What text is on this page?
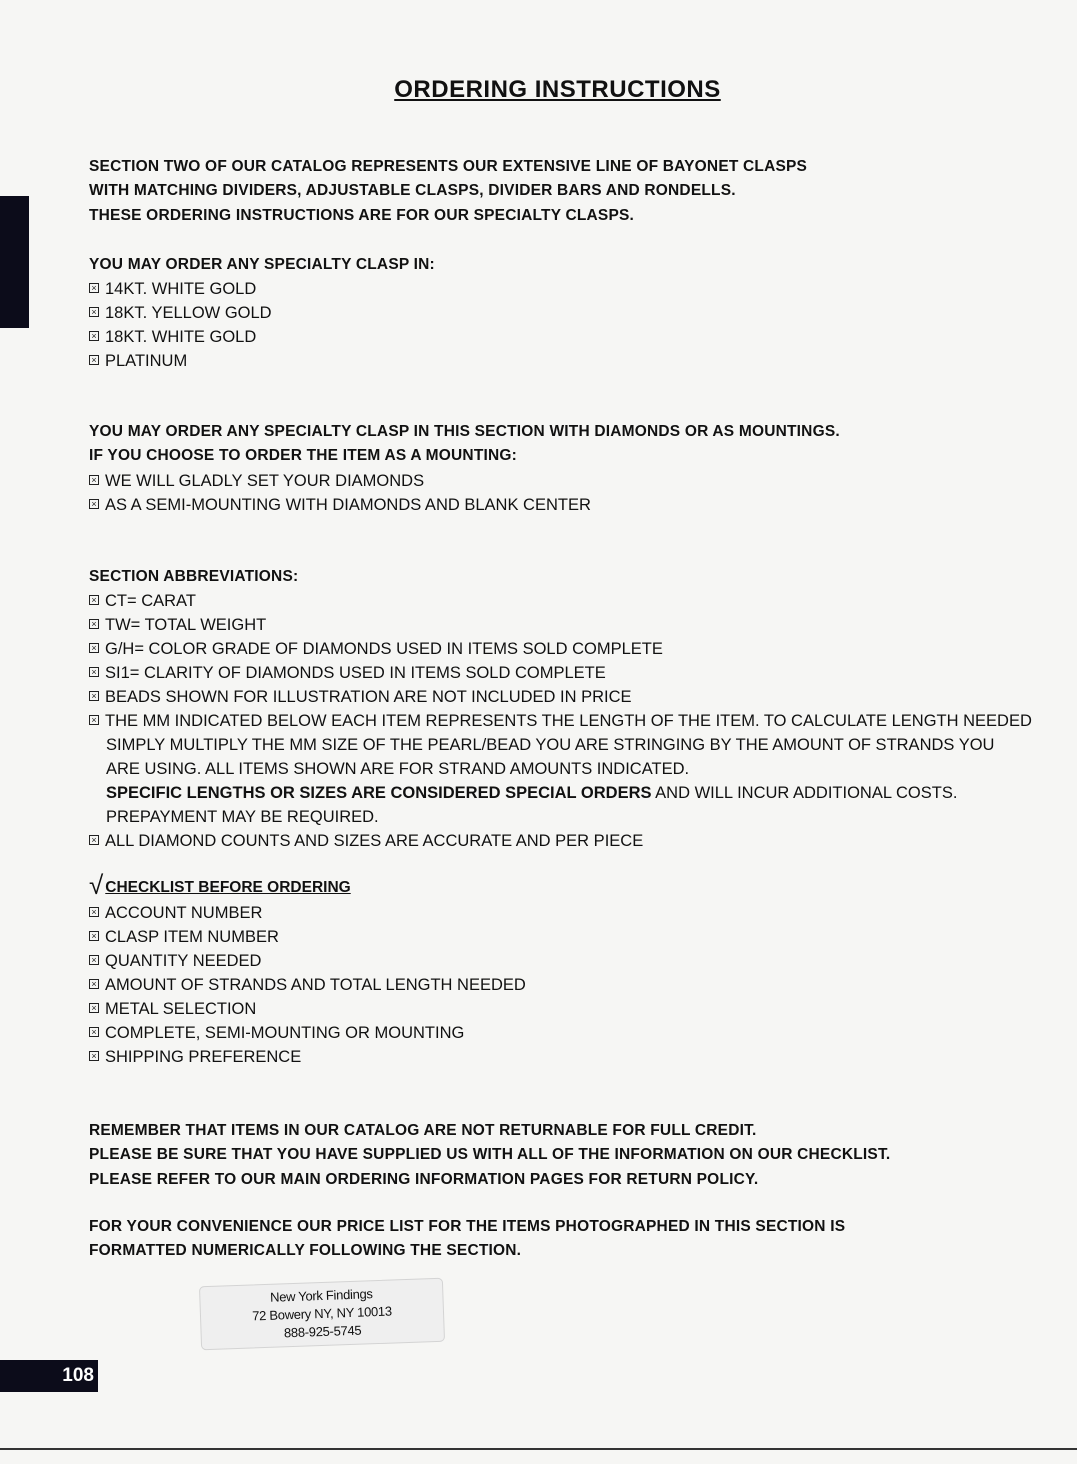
ORDERING INSTRUCTIONS
SECTION TWO OF OUR CATALOG REPRESENTS OUR EXTENSIVE LINE OF BAYONET CLASPS
WITH MATCHING DIVIDERS, ADJUSTABLE CLASPS, DIVIDER BARS AND RONDELLS.
THESE ORDERING INSTRUCTIONS ARE FOR OUR SPECIALTY CLASPS.
YOU MAY ORDER ANY SPECIALTY CLASP IN:
× 14KT. WHITE GOLD
× 18KT. YELLOW GOLD
× 18KT. WHITE GOLD
× PLATINUM
YOU MAY ORDER ANY SPECIALTY CLASP IN THIS SECTION WITH DIAMONDS OR AS MOUNTINGS.
IF YOU CHOOSE TO ORDER THE ITEM AS A MOUNTING:
× WE WILL GLADLY SET YOUR DIAMONDS
× AS A SEMI-MOUNTING WITH DIAMONDS AND BLANK CENTER
SECTION ABBREVIATIONS:
× CT= CARAT
× TW= TOTAL WEIGHT
× G/H= COLOR GRADE OF DIAMONDS USED IN ITEMS SOLD COMPLETE
× SI1= CLARITY OF DIAMONDS USED IN ITEMS SOLD COMPLETE
× BEADS SHOWN FOR ILLUSTRATION ARE NOT INCLUDED IN PRICE
× THE MM INDICATED BELOW EACH ITEM REPRESENTS THE LENGTH OF THE ITEM. TO CALCULATE LENGTH NEEDED
SIMPLY MULTIPLY THE MM SIZE OF THE PEARL/BEAD YOU ARE STRINGING BY THE AMOUNT OF STRANDS YOU
ARE USING. ALL ITEMS SHOWN ARE FOR STRAND AMOUNTS INDICATED.
SPECIFIC LENGTHS OR SIZES ARE CONSIDERED SPECIAL ORDERS AND WILL INCUR ADDITIONAL COSTS.
PREPAYMENT MAY BE REQUIRED.
× ALL DIAMOND COUNTS AND SIZES ARE ACCURATE AND PER PIECE
√ CHECKLIST BEFORE ORDERING
× ACCOUNT NUMBER
× CLASP ITEM NUMBER
× QUANTITY NEEDED
× AMOUNT OF STRANDS AND TOTAL LENGTH NEEDED
× METAL SELECTION
× COMPLETE, SEMI-MOUNTING OR MOUNTING
× SHIPPING PREFERENCE
REMEMBER THAT ITEMS IN OUR CATALOG ARE NOT RETURNABLE FOR FULL CREDIT.
PLEASE BE SURE THAT YOU HAVE SUPPLIED US WITH ALL OF THE INFORMATION ON OUR CHECKLIST.
PLEASE REFER TO OUR MAIN ORDERING INFORMATION PAGES FOR RETURN POLICY.
FOR YOUR CONVENIENCE OUR PRICE LIST FOR THE ITEMS PHOTOGRAPHED IN THIS SECTION IS
FORMATTED NUMERICALLY FOLLOWING THE SECTION.
New York Findings
72 Bowery NY, NY 10013
888-925-5745
108
